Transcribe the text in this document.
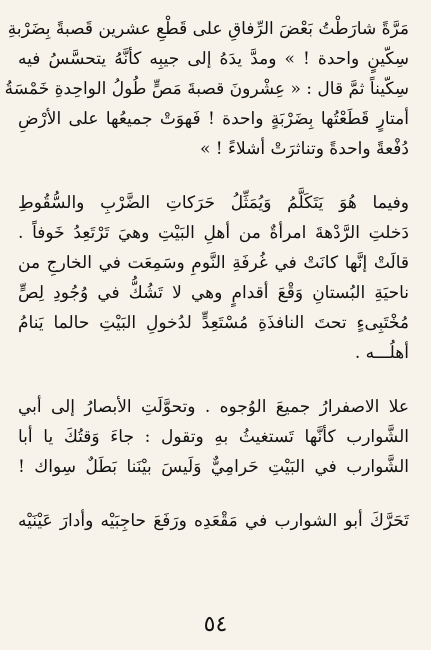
مَرَّةً شارَطْتُ بَعْضَ الرِّفاقِ على قَطْعِ عشرين قَصبةً بِضَرْبةِ
سِكّينٍ واحدة ! » ومدَّ يدَهُ إلى جيبِه كأنَّهُ يتحسَّسُ فيه
سِكّيناً ثمَّ قال : « عِشْرونَ قصبةَ مَصٍّ طُولُ الواحِدةِ خَمْسَةُ
أمتارٍ قَطَعْتُها بِضَرْبَةٍ واحدة ! فَهوَتْ جميعُها على الأرْضِ
دُفْعةً واحدةً وتناثرَتْ أشلاءً ! »
وفيما هُوَ يَتَكَلَّمُ وَيُمَثِّلُ حَرَكاتِ الضَّرْبِ والسُّقُوطِ
دَخلتِ الرَّدْهةَ امرأةٌ من أهلِ البَيْتِ وهيَ تَرْتَعِدُ خَوفاً .
قالَتْ إنَّها كانَتْ في غُرفَةِ النَّومِ وسَمِعَت في الخارجِ من
ناحيَةِ البُستانِ وَقْعَ أقدامٍ وهي لا تَشُكُّ في وُجُودِ لِصٍّ
مُخْتَبِىءٍ تحتَ النافذَةِ مُسْتَعِدٍّ لدُخولِ البَيْتِ حالما يَنامُ
أهلُـــه .
علا الاصفرارُ جميعَ الوُجوه . وتحوَّلَتِ الأبصارُ إلى أبي
الشَّوارب كأنَّها تَستغيثُ بهِ وتقول : جاءَ وَقتُكَ يا أبا
الشَّوارب في البَيْتِ حَرامِيٌّ وَلَيسَ بيْنَنا بَطَلٌ سِواك !
تَحَرَّكَ أبو الشوارب في مَقْعَدِه ورَفَعَ حاجِبَيْه وأدارَ عَيْنَيْه
٥٤
